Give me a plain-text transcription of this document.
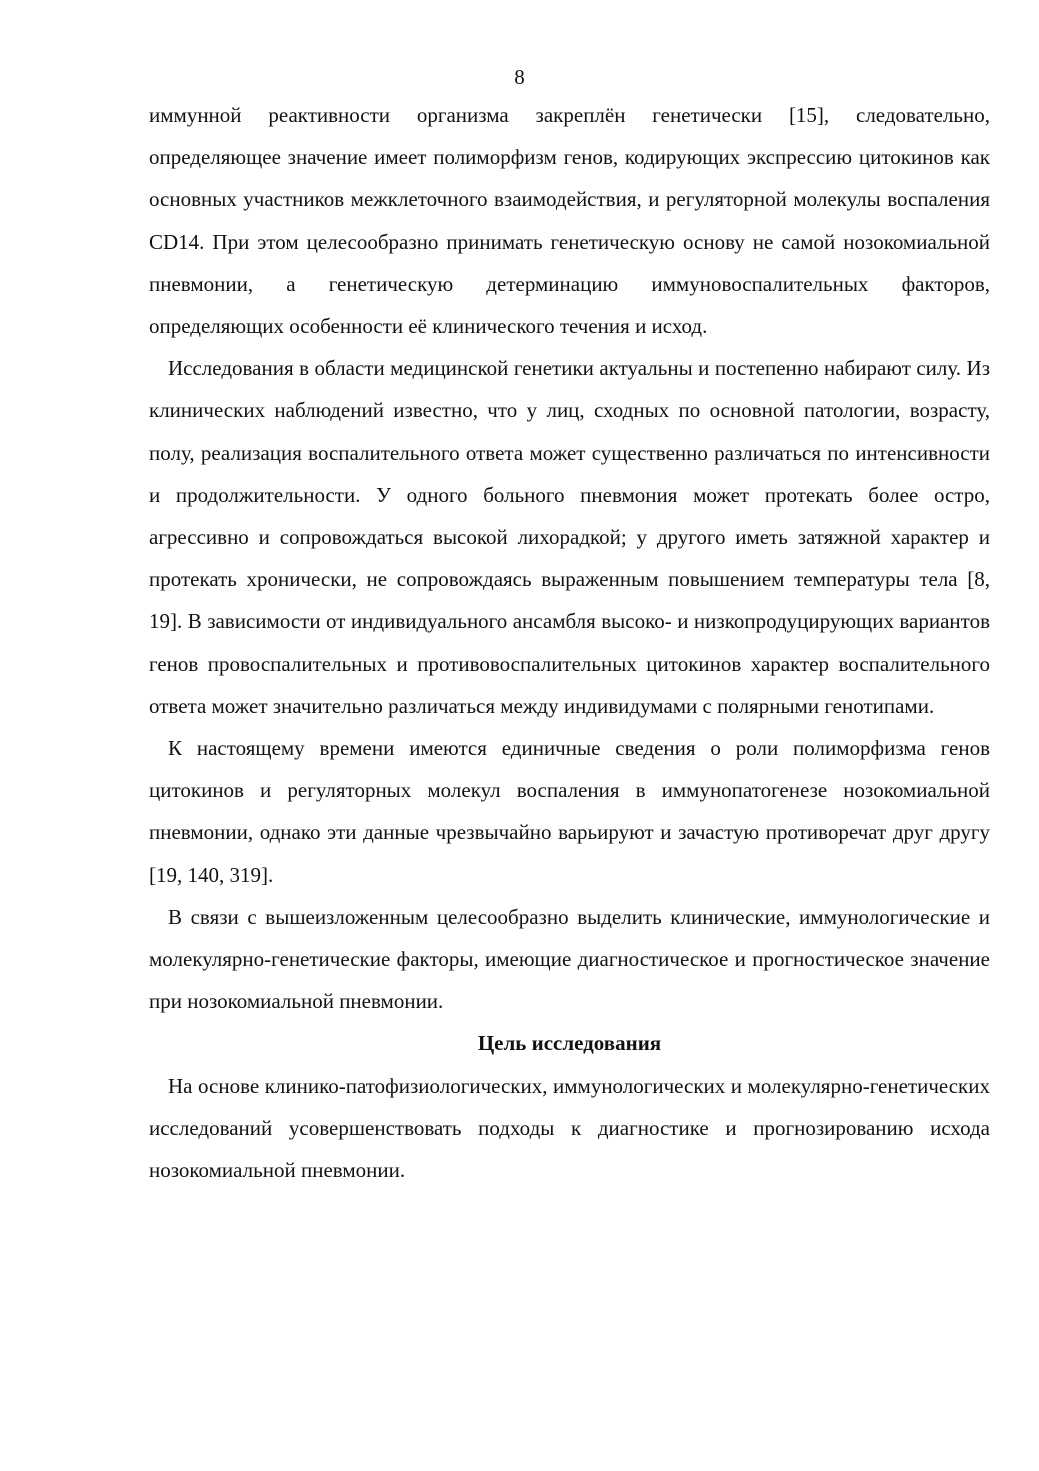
8

иммунной реактивности организма закреплён генетически [15], следовательно, определяющее значение имеет полиморфизм генов, кодирующих экспрессию цитокинов как основных участников межклеточного взаимодействия, и регуляторной молекулы воспаления CD14. При этом целесообразно принимать генетическую основу не самой нозокомиальной пневмонии, а генетическую детерминацию иммуновоспалительных факторов, определяющих особенности её клинического течения и исход.

Исследования в области медицинской генетики актуальны и постепенно набирают силу. Из клинических наблюдений известно, что у лиц, сходных по основной патологии, возрасту, полу, реализация воспалительного ответа может существенно различаться по интенсивности и продолжительности. У одного больного пневмония может протекать более остро, агрессивно и сопровождаться высокой лихорадкой; у другого иметь затяжной характер и протекать хронически, не сопровождаясь выраженным повышением температуры тела [8, 19]. В зависимости от индивидуального ансамбля высоко- и низкопродуцирующих вариантов генов провоспалительных и противовоспалительных цитокинов характер воспалительного ответа может значительно различаться между индивидумами с полярными генотипами.

К настоящему времени имеются единичные сведения о роли полиморфизма генов цитокинов и регуляторных молекул воспаления в иммунопатогенезе нозокомиальной пневмонии, однако эти данные чрезвычайно варьируют и зачастую противоречат друг другу [19, 140, 319].

В связи с вышеизложенным целесообразно выделить клинические, иммунологические и молекулярно-генетические факторы, имеющие диагностическое и прогностическое значение при нозокомиальной пневмонии.

Цель исследования

На основе клинико-патофизиологических, иммунологических и молекулярно-генетических исследований усовершенствовать подходы к диагностике и прогнозированию исхода нозокомиальной пневмонии.
